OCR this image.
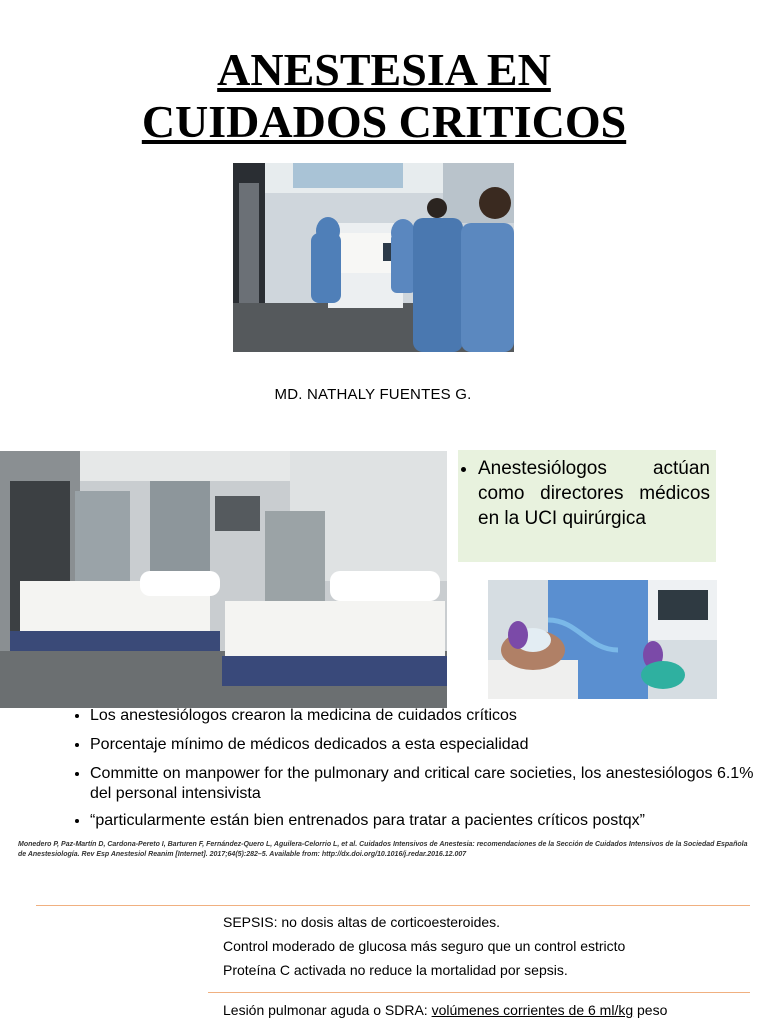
ANESTESIA EN
CUIDADOS CRITICOS
MD. NATHALY FUENTES G.
• Anestesiólogos actúan como directores médicos en la UCI quirúrgica
• Los anestesiólogos crearon la medicina de cuidados críticos
• Porcentaje mínimo de médicos dedicados a esta especialidad
• Committe on manpower for the pulmonary and critical care societies, los anestesiólogos 6.1% del personal intensivista
• “particularmente están bien entrenados para tratar a pacientes críticos postqx”
Monedero P, Paz-Martín D, Cardona-Pereto I, Barturen F, Fernández-Quero L, Aguilera-Celorrio L, et al. Cuidados Intensivos de Anestesia: recomendaciones de la Sección de Cuidados Intensivos de la Sociedad Española de Anestesiología. Rev Esp Anestesiol Reanim [Internet]. 2017;64(5):282–5. Available from: http://dx.doi.org/10.1016/j.redar.2016.12.007

SEPSIS: no dosis altas de corticoesteroides.

Control moderado de glucosa más seguro que un control estricto

Proteína C activada no reduce la mortalidad por sepsis.

Lesión pulmonar aguda o SDRA: volúmenes corrientes de 6 ml/kg peso
